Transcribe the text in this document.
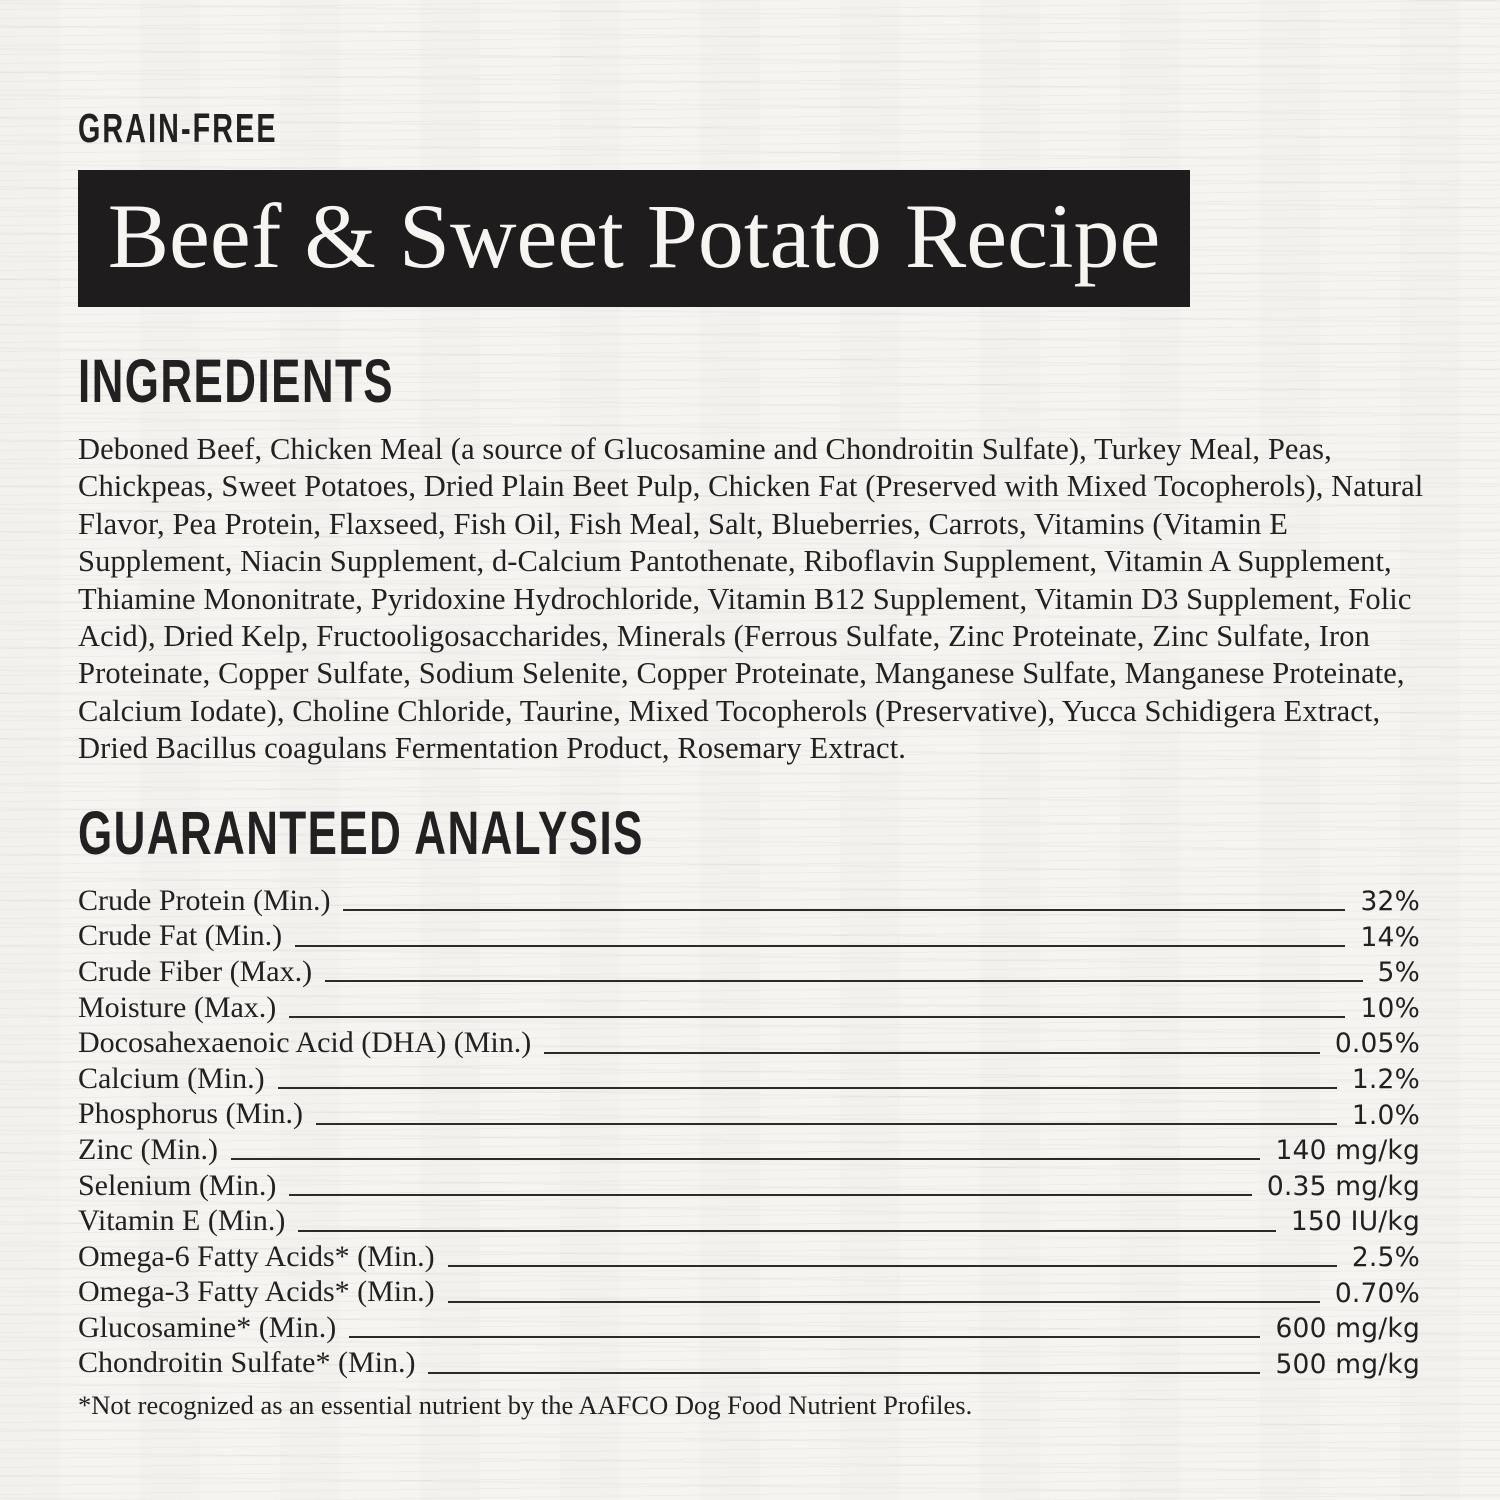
GRAIN-FREE
Beef & Sweet Potato Recipe
INGREDIENTS
Deboned Beef, Chicken Meal (a source of Glucosamine and Chondroitin Sulfate), Turkey Meal, Peas, Chickpeas, Sweet Potatoes, Dried Plain Beet Pulp, Chicken Fat (Preserved with Mixed Tocopherols), Natural Flavor, Pea Protein, Flaxseed, Fish Oil, Fish Meal, Salt, Blueberries, Carrots, Vitamins (Vitamin E Supplement, Niacin Supplement, d-Calcium Pantothenate, Riboflavin Supplement, Vitamin A Supplement, Thiamine Mononitrate, Pyridoxine Hydrochloride, Vitamin B12 Supplement, Vitamin D3 Supplement, Folic Acid), Dried Kelp, Fructooligosaccharides, Minerals (Ferrous Sulfate, Zinc Proteinate, Zinc Sulfate, Iron Proteinate, Copper Sulfate, Sodium Selenite, Copper Proteinate, Manganese Sulfate, Manganese Proteinate, Calcium Iodate), Choline Chloride, Taurine, Mixed Tocopherols (Preservative), Yucca Schidigera Extract, Dried Bacillus coagulans Fermentation Product, Rosemary Extract.
GUARANTEED ANALYSIS
Crude Protein (Min.)	32%
Crude Fat (Min.)	14%
Crude Fiber (Max.)	5%
Moisture (Max.)	10%
Docosahexaenoic Acid (DHA) (Min.)	0.05%
Calcium (Min.)	1.2%
Phosphorus (Min.)	1.0%
Zinc (Min.)	140 mg/kg
Selenium (Min.)	0.35 mg/kg
Vitamin E (Min.)	150 IU/kg
Omega-6 Fatty Acids* (Min.)	2.5%
Omega-3 Fatty Acids* (Min.)	0.70%
Glucosamine* (Min.)	600 mg/kg
Chondroitin Sulfate* (Min.)	500 mg/kg
*Not recognized as an essential nutrient by the AAFCO Dog Food Nutrient Profiles.
